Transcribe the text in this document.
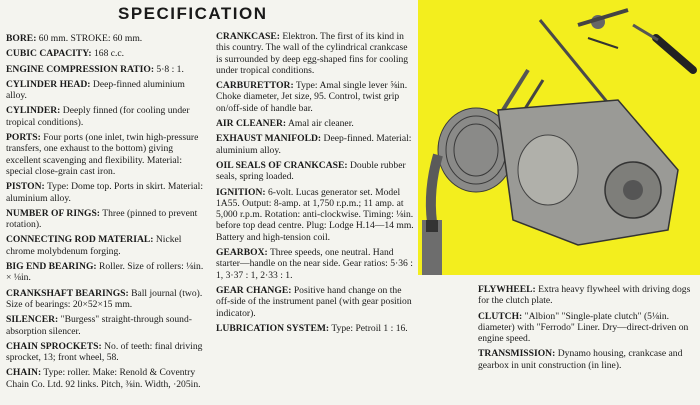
SPECIFICATION
BORE: 60 mm. STROKE: 60 mm.
CUBIC CAPACITY: 168 c.c.
ENGINE COMPRESSION RATIO: 5·8 : 1.
CYLINDER HEAD: Deep-finned aluminium alloy.
CYLINDER: Deeply finned (for cooling under tropical conditions).
PORTS: Four ports (one inlet, twin high-pressure transfers, one exhaust to the bottom) giving excellent scavenging and flexibility. Material: special close-grain cast iron.
PISTON: Type: Dome top. Ports in skirt. Material: aluminium alloy.
NUMBER OF RINGS: Three (pinned to prevent rotation).
CONNECTING ROD MATERIAL: Nickel chrome molybdenum forging.
BIG END BEARING: Roller. Size of rollers: ⅛in. × ⅛in.
CRANKSHAFT BEARINGS: Ball journal (two). Size of bearings: 20×52×15 mm.
SILENCER: "Burgess" straight-through sound-absorption silencer.
CHAIN SPROCKETS: No. of teeth: final driving sprocket, 13; front wheel, 58.
CHAIN: Type: roller. Make: Renold & Coventry Chain Co. Ltd. 92 links. Pitch, ⅜in. Width, ·205in.
CRANKCASE: Elektron. The first of its kind in this country. The wall of the cylindrical crankcase is surrounded by deep egg-shaped fins for cooling under tropical conditions.
CARBURETTOR: Type: Amal single lever ⅝in. Choke diameter, Jet size, 95. Control, twist grip on/off-side of handle bar.
AIR CLEANER: Amal air cleaner.
EXHAUST MANIFOLD: Deep-finned. Material: aluminium alloy.
OIL SEALS OF CRANKCASE: Double rubber seals, spring loaded.
IGNITION: 6-volt. Lucas generator set. Model 1A55. Output: 8-amp. at 1,750 r.p.m.; 11 amp. at 5,000 r.p.m. Rotation: anti-clockwise. Timing: ⅛in. before top dead centre. Plug: Lodge H.14—14 mm. Battery and high-tension coil.
GEARBOX: Three speeds, one neutral. Hand starter—handle on the near side. Gear ratios: 5·36 : 1, 3·37 : 1, 2·33 : 1.
GEAR CHANGE: Positive hand change on the off-side of the instrument panel (with gear position indicator).
LUBRICATION SYSTEM: Type: Petroil 1 : 16.
FLYWHEEL: Extra heavy flywheel with driving dogs for the clutch plate.
CLUTCH: "Albion" "Single-plate clutch" (5⅛in. diameter) with "Ferrodo" Liner. Dry—direct-driven on engine speed.
TRANSMISSION: Dynamo housing, crankcase and gearbox in unit construction (in line).
